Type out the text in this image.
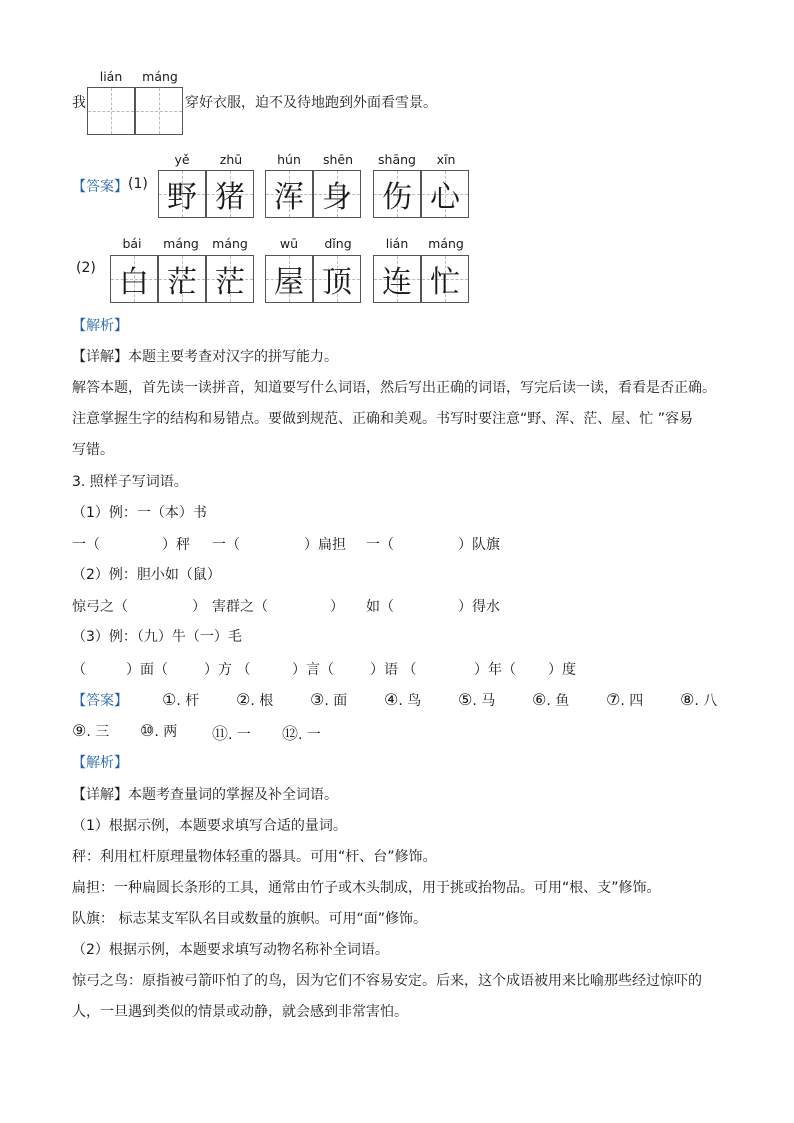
我
lián	máng
穿好衣服，迫不及待地跑到外面看雪景。
【答案】 (1)
yě	zhū
野 猪
hún	shēn
浑 身
shāng	xīn
伤 心
(2)
bái	máng	máng
白 茫 茫
wū	dǐng
屋 顶
lián	máng
连 忙
【解析】
【详解】本题主要考查对汉字的拼写能力。
解答本题，首先读一读拼音，知道要写什么词语，然后写出正确的词语，写完后读一读，看看是否正确。
注意掌握生字的结构和易错点。要做到规范、正确和美观。书写时要注意“野、浑、茫、屋、忙 ”容易
写错。
3. 照样子写词语。
（1）例：一（本）书
一（	）秤 一（	）扁担 一（	）队旗
（2）例：胆小如（鼠）
惊弓之（	） 害群之（	） 如（	）得水
（3）例：（九）牛（一）毛
（	）面（	）方 （	）言（	）语 （	）年（ ）度
【答案】 ①. 杆 ②. 根 ③. 面 ④. 鸟 ⑤. 马 ⑥. 鱼 ⑦. 四 ⑧. 八
⑨. 三 ⑩. 两 ⑪. 一 ⑫. 一
【解析】
【详解】本题考查量词的掌握及补全词语。
（1）根据示例，本题要求填写合适的量词。
秤：利用杠杆原理量物体轻重的器具。可用“杆、台”修饰。
扁担：一种扁圆长条形的工具，通常由竹子或木头制成，用于挑或抬物品。可用“根、支”修饰。
队旗： 标志某支军队名目或数量的旗帜。可用“面”修饰。
（2）根据示例，本题要求填写动物名称补全词语。
惊弓之鸟：原指被弓箭吓怕了的鸟，因为它们不容易安定。后来，这个成语被用来比喻那些经过惊吓的
人，一旦遇到类似的情景或动静，就会感到非常害怕。
